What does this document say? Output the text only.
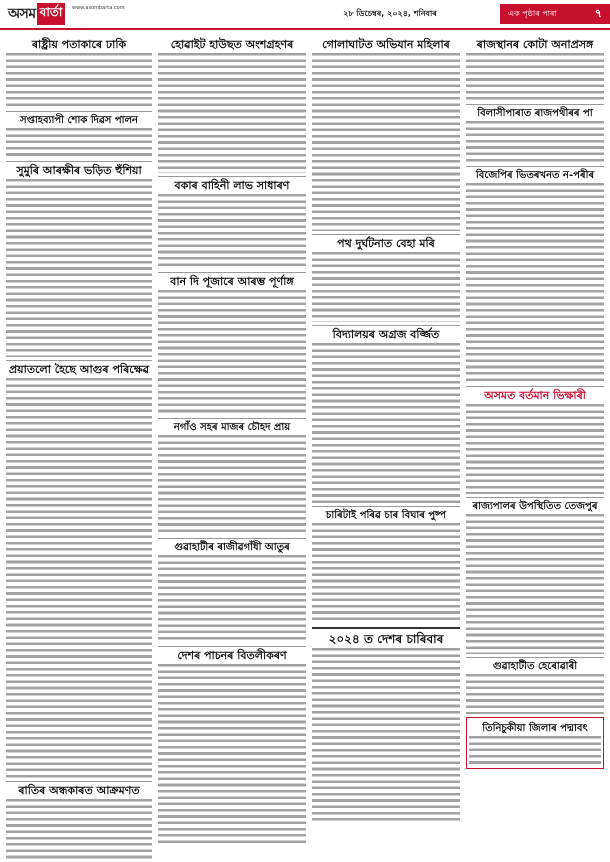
অসম বাৰ্তা	www.asombarta.com
২৮ ডিচেম্বৰ, ২০২৪, শনিবাৰ	এক পৃষ্ঠাৰ পাৰা	৭
ৰাষ্ট্ৰীয় পতাকাৰে ঢাকি
সপ্তাহব্যাপী শোক দিৱস পালন
সুমুৰি আৰক্ষীৰ ভড়িত হুঁশিয়া
প্ৰয়াতলো হৈছে আগুৰ পৰিক্ষেৱ
ৰাতিৰ অন্ধকাৰত আক্ৰমণত
হোৱাইট হাউছত অংশগ্ৰহণৰ
বকাৰ বাহিনী লাভ সাধাৰণ
বান দি পূজাৰে আৰম্ভ পূৰ্ণাঙ্গ
নগাঁও সহৰ মাজৰ চৌহদ প্ৰায়
গুৱাহাটীৰ ৰাজীৱগাঁধী আতুৰ
দেশৰ পাচনৰ বিতলীকৰণ
গোলাঘাটত অভিযান মহিলাৰ
পথ দুৰ্ঘটনাত বেহা মৰি
বিদ্যালয়ৰ অগ্ৰজ বৰ্জ্জিত
চাৰিটাই পৰিৱ চাৰ বিঘাৰ পুষ্প
২০২৪ ত দেশৰ চাৰিবাৰ
ৰাজস্থানৰ কোটা অনাপ্ৰসঙ্গ
বিলাসীপাৰাত ৰাজপথীৰৰ পা
বিজেপিৰ ভিতৰখনত ন-পৰীৰ
অসমত বৰ্তমান ভিক্ষাৰী
ৰাজ্যপালৰ উপস্থিতিত তেজপুৰ
গুৱাহাটীত হেৰোৱাৰী
তিনিচুকীয়া জিলাৰ পদ্মাবৎ
